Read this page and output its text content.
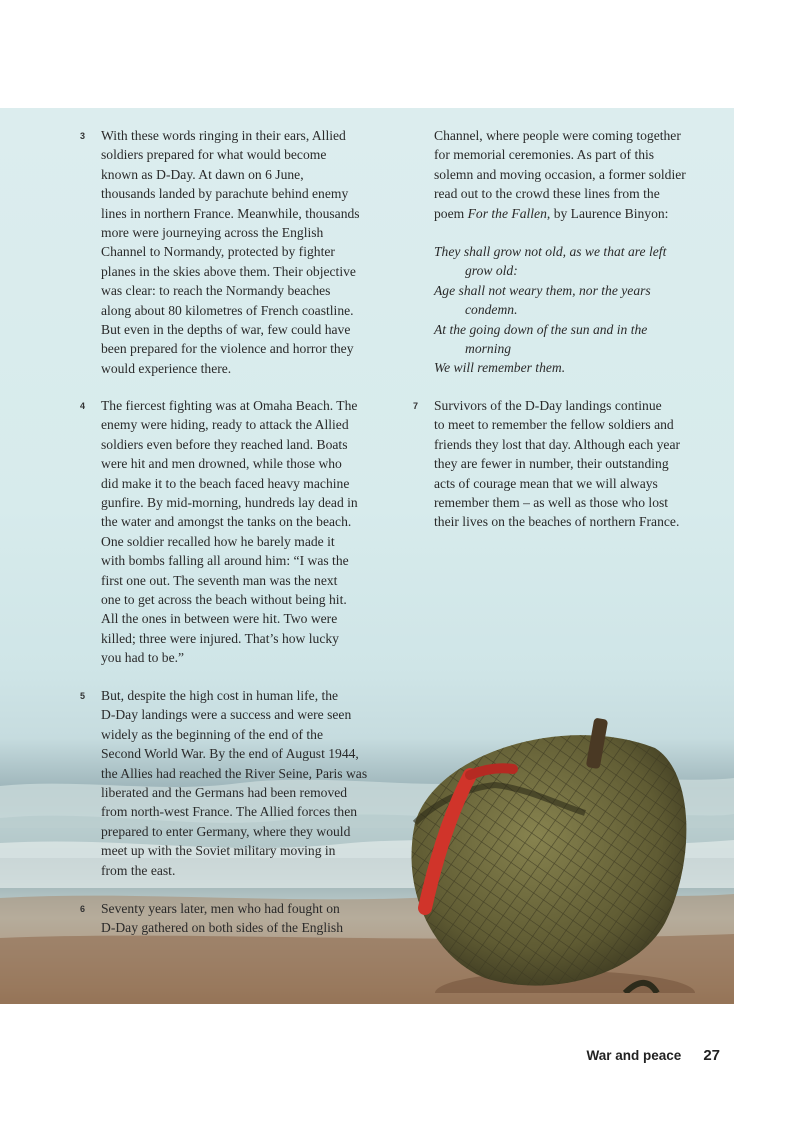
3 With these words ringing in their ears, Allied
soldiers prepared for what would become
known as D-Day. At dawn on 6 June,
thousands landed by parachute behind enemy
lines in northern France. Meanwhile, thousands
more were journeying across the English
Channel to Normandy, protected by fighter
planes in the skies above them. Their objective
was clear: to reach the Normandy beaches
along about 80 kilometres of French coastline.
But even in the depths of war, few could have
been prepared for the violence and horror they
would experience there.
4 The fiercest fighting was at Omaha Beach. The
enemy were hiding, ready to attack the Allied
soldiers even before they reached land. Boats
were hit and men drowned, while those who
did make it to the beach faced heavy machine
gunfire. By mid-morning, hundreds lay dead in
the water and amongst the tanks on the beach.
One soldier recalled how he barely made it
with bombs falling all around him: “I was the
first one out. The seventh man was the next
one to get across the beach without being hit.
All the ones in between were hit. Two were
killed; three were injured. That’s how lucky
you had to be.”
5 But, despite the high cost in human life, the
D-Day landings were a success and were seen
widely as the beginning of the end of the
Second World War. By the end of August 1944,
the Allies had reached the River Seine, Paris was
liberated and the Germans had been removed
from north-west France. The Allied forces then
prepared to enter Germany, where they would
meet up with the Soviet military moving in
from the east.
6 Seventy years later, men who had fought on
D-Day gathered on both sides of the English
Channel, where people were coming together
for memorial ceremonies. As part of this
solemn and moving occasion, a former soldier
read out to the crowd these lines from the
poem For the Fallen, by Laurence Binyon:
They shall grow not old, as we that are left
grow old:
Age shall not weary them, nor the years
condemn.
At the going down of the sun and in the
morning
We will remember them.
7 Survivors of the D-Day landings continue
to meet to remember the fellow soldiers and
friends they lost that day. Although each year
they are fewer in number, their outstanding
acts of courage mean that we will always
remember them – as well as those who lost
their lives on the beaches of northern France.
War and peace 27
